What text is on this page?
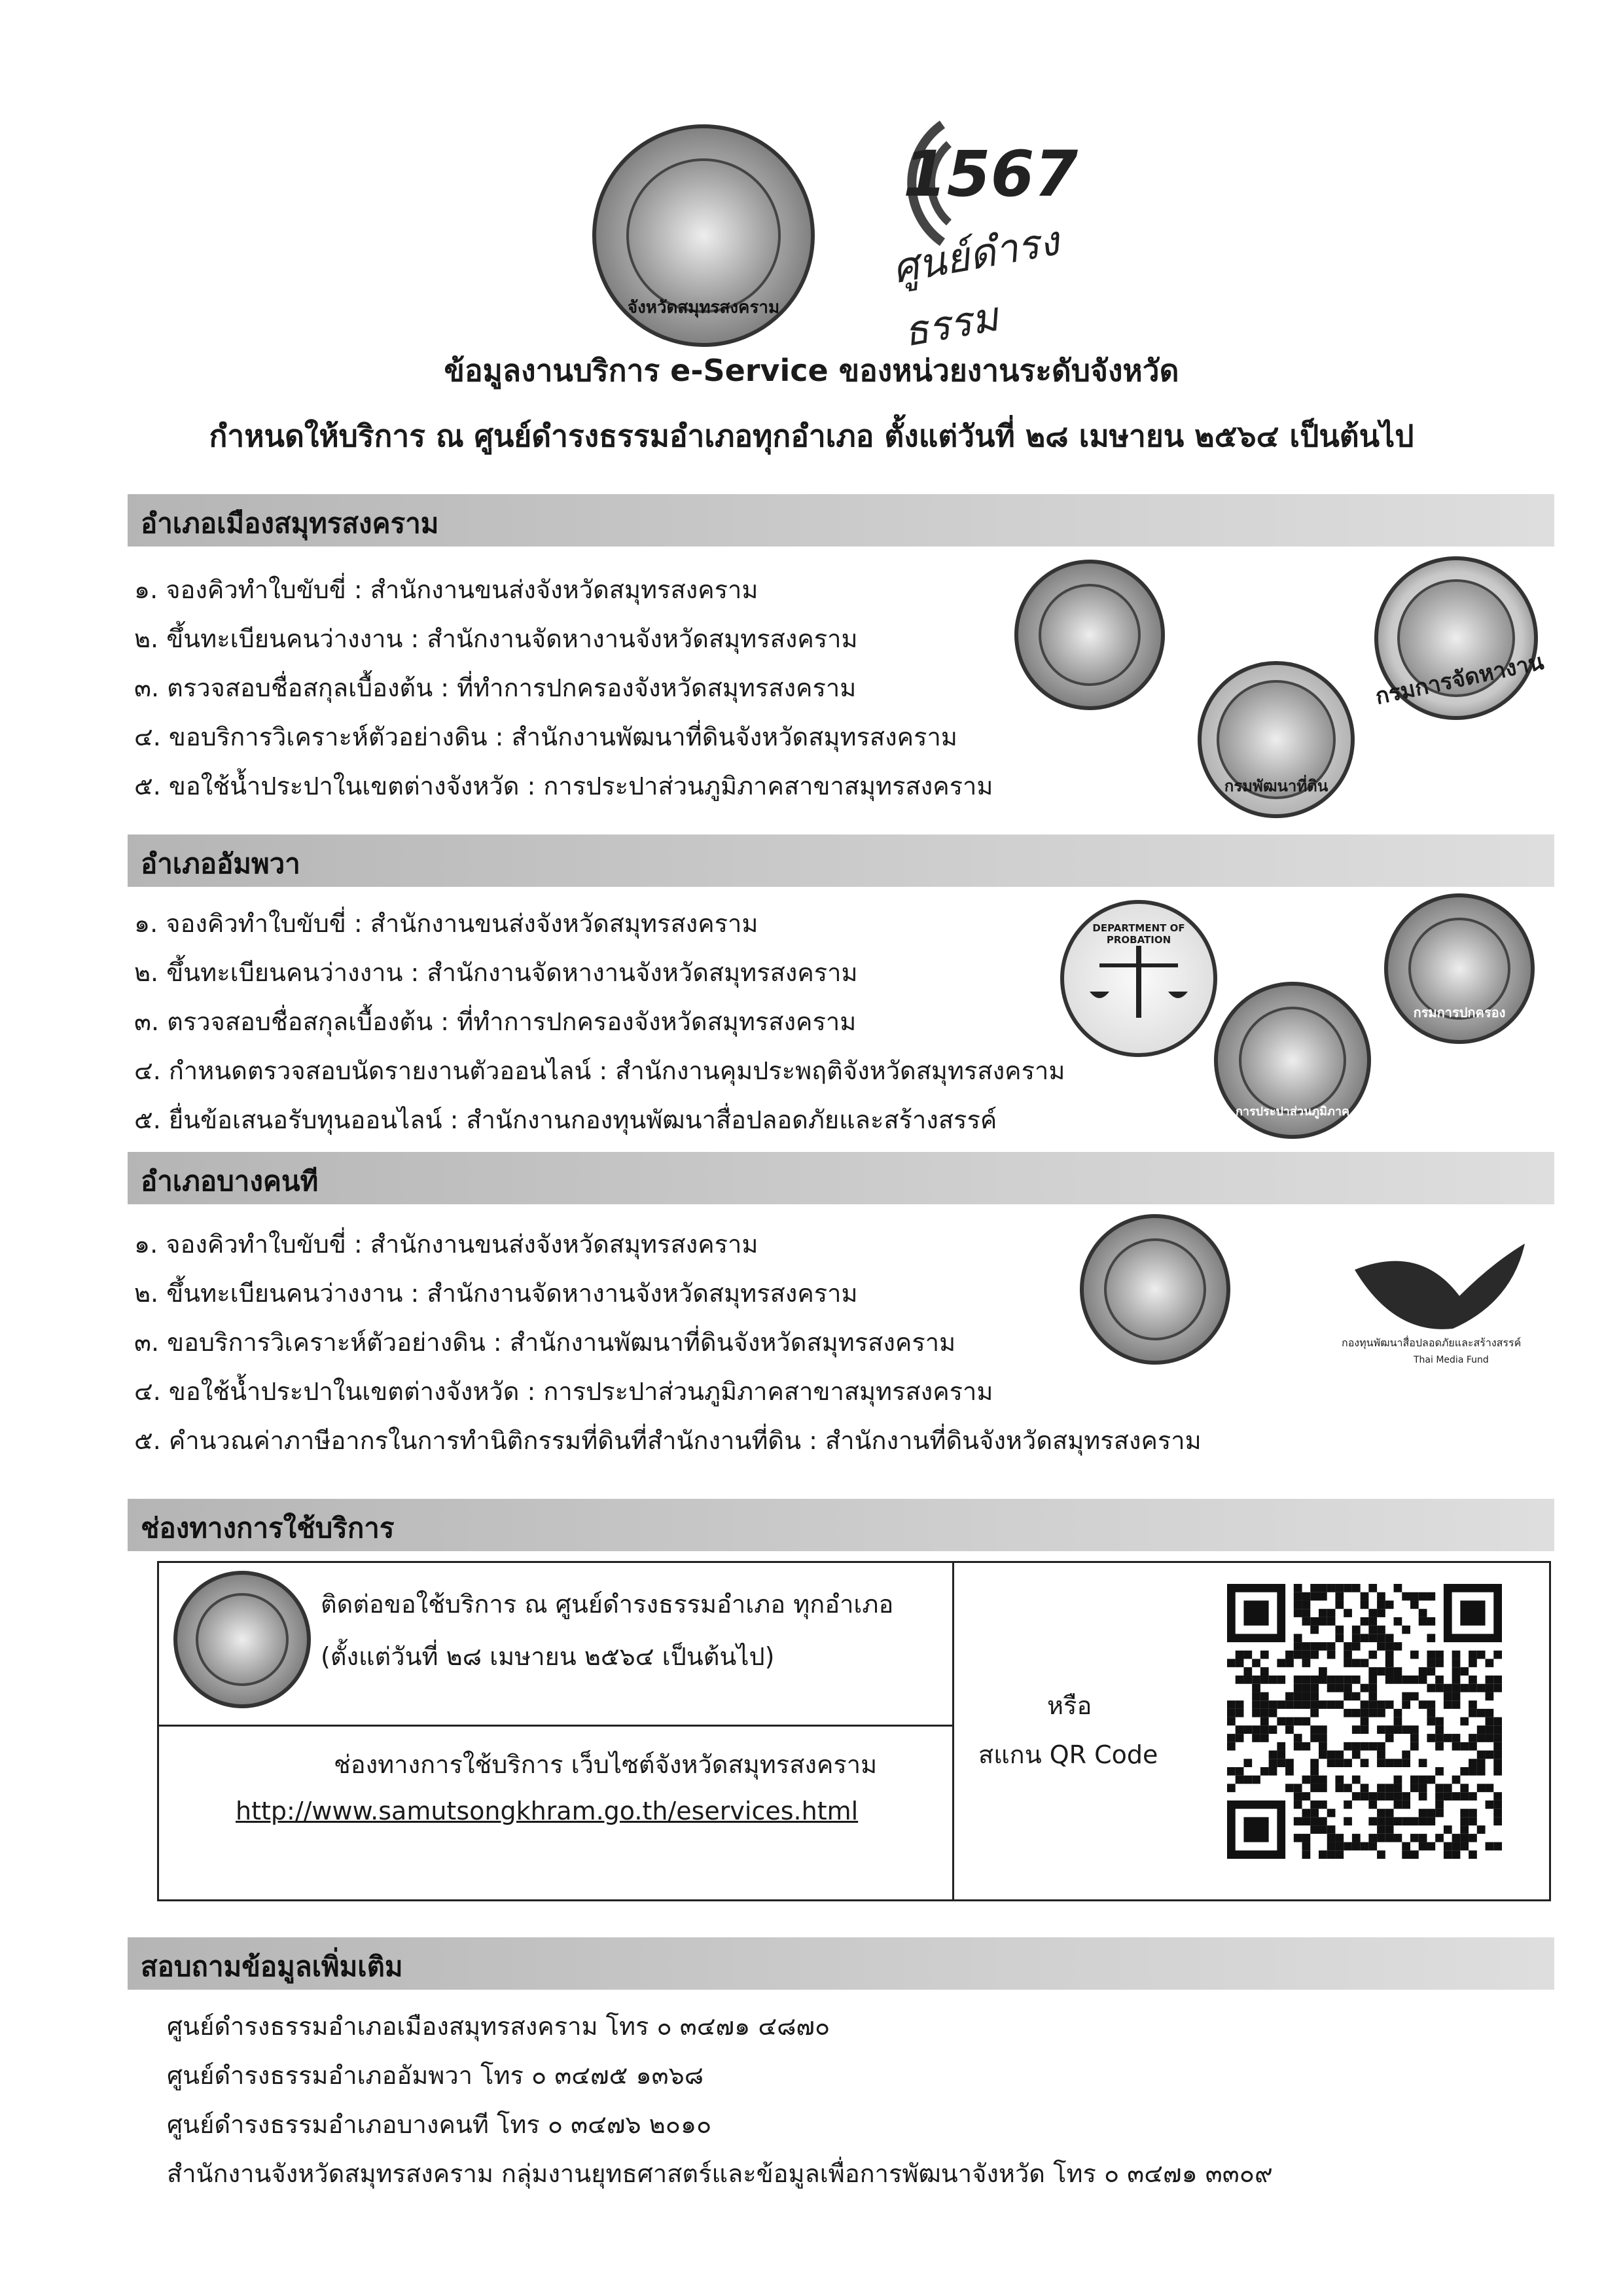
จังหวัดสมุทรสงคราม
1567
ศูนย์ดำรงธรรม
ข้อมูลงานบริการ e-Service ของหน่วยงานระดับจังหวัด
กำหนดให้บริการ ณ ศูนย์ดำรงธรรมอำเภอทุกอำเภอ ตั้งแต่วันที่ ๒๘ เมษายน ๒๕๖๔ เป็นต้นไป
อำเภอเมืองสมุทรสงคราม
๑. จองคิวทำใบขับขี่ : สำนักงานขนส่งจังหวัดสมุทรสงคราม
๒. ขึ้นทะเบียนคนว่างงาน : สำนักงานจัดหางานจังหวัดสมุทรสงคราม
๓. ตรวจสอบชื่อสกุลเบื้องต้น : ที่ทำการปกครองจังหวัดสมุทรสงคราม
๔. ขอบริการวิเคราะห์ตัวอย่างดิน : สำนักงานพัฒนาที่ดินจังหวัดสมุทรสงคราม
๕. ขอใช้น้ำประปาในเขตต่างจังหวัด : การประปาส่วนภูมิภาคสาขาสมุทรสงคราม
กรมการจัดหางาน
กรมพัฒนาที่ดิน
อำเภออัมพวา
๑. จองคิวทำใบขับขี่ : สำนักงานขนส่งจังหวัดสมุทรสงคราม
๒. ขึ้นทะเบียนคนว่างงาน : สำนักงานจัดหางานจังหวัดสมุทรสงคราม
๓. ตรวจสอบชื่อสกุลเบื้องต้น : ที่ทำการปกครองจังหวัดสมุทรสงคราม
๔. กำหนดตรวจสอบนัดรายงานตัวออนไลน์ : สำนักงานคุมประพฤติจังหวัดสมุทรสงคราม
๕. ยื่นข้อเสนอรับทุนออนไลน์ : สำนักงานกองทุนพัฒนาสื่อปลอดภัยและสร้างสรรค์
DEPARTMENT OF PROBATION
กรมการปกครอง
การประปาส่วนภูมิภาค
อำเภอบางคนที
๑. จองคิวทำใบขับขี่ : สำนักงานขนส่งจังหวัดสมุทรสงคราม
๒. ขึ้นทะเบียนคนว่างงาน : สำนักงานจัดหางานจังหวัดสมุทรสงคราม
๓. ขอบริการวิเคราะห์ตัวอย่างดิน : สำนักงานพัฒนาที่ดินจังหวัดสมุทรสงคราม
๔. ขอใช้น้ำประปาในเขตต่างจังหวัด : การประปาส่วนภูมิภาคสาขาสมุทรสงคราม
๕. คำนวณค่าภาษีอากรในการทำนิติกรรมที่ดินที่สำนักงานที่ดิน : สำนักงานที่ดินจังหวัดสมุทรสงคราม
กองทุนพัฒนาสื่อปลอดภัยและสร้างสรรค์
Thai Media Fund
ช่องทางการใช้บริการ
ติดต่อขอใช้บริการ ณ ศูนย์ดำรงธรรมอำเภอ ทุกอำเภอ
(ตั้งแต่วันที่ ๒๘ เมษายน ๒๕๖๔ เป็นต้นไป)
ช่องทางการใช้บริการ เว็บไซต์จังหวัดสมุทรสงคราม
http://www.samutsongkhram.go.th/eservices.html
หรือ
สแกน QR Code
สอบถามข้อมูลเพิ่มเติม
ศูนย์ดำรงธรรมอำเภอเมืองสมุทรสงคราม โทร ๐ ๓๔๗๑ ๔๘๗๐
ศูนย์ดำรงธรรมอำเภออัมพวา โทร ๐ ๓๔๗๕ ๑๓๖๘
ศูนย์ดำรงธรรมอำเภอบางคนที โทร ๐ ๓๔๗๖ ๒๐๑๐
สำนักงานจังหวัดสมุทรสงคราม กลุ่มงานยุทธศาสตร์และข้อมูลเพื่อการพัฒนาจังหวัด โทร ๐ ๓๔๗๑ ๓๓๐๙
